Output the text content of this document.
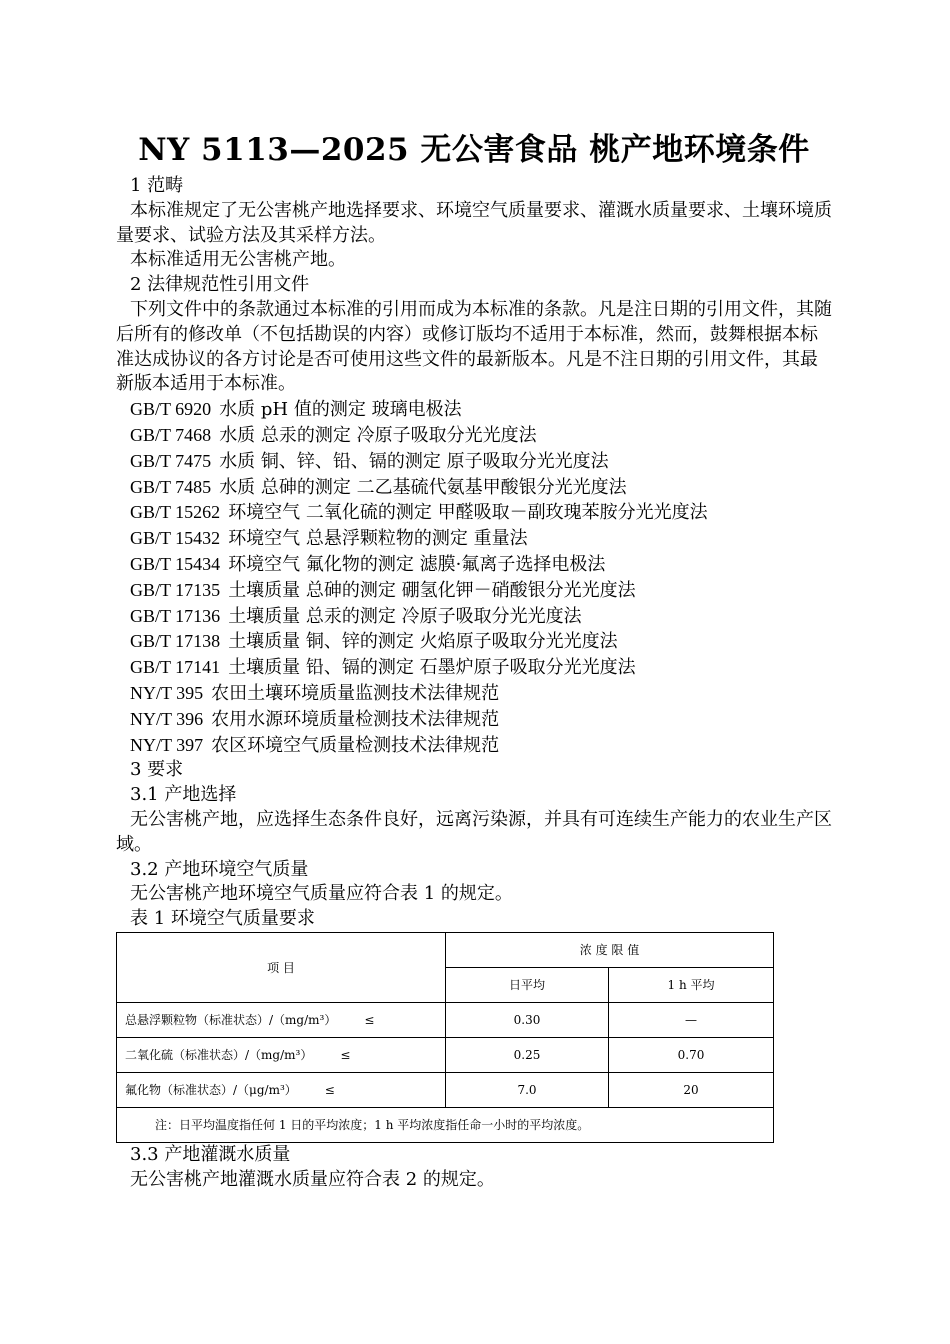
NY 5113—2025 无公害食品 桃产地环境条件
1 范畴
本标准规定了无公害桃产地选择要求、环境空气质量要求、灌溉水质量要求、土壤环境质量要求、试验方法及其采样方法。
本标准适用无公害桃产地。
2 法律规范性引用文件
下列文件中的条款通过本标准的引用而成为本标准的条款。凡是注日期的引用文件，其随后所有的修改单（不包括勘误的内容）或修订版均不适用于本标准，然而，鼓舞根据本标准达成协议的各方讨论是否可使用这些文件的最新版本。凡是不注日期的引用文件，其最新版本适用于本标准。
GB/T 6920 水质 pH 值的测定 玻璃电极法
GB/T 7468 水质 总汞的测定 冷原子吸取分光光度法
GB/T 7475 水质 铜、锌、铅、镉的测定 原子吸取分光光度法
GB/T 7485 水质 总砷的测定 二乙基硫代氨基甲酸银分光光度法
GB/T 15262 环境空气 二氧化硫的测定 甲醛吸取－副玫瑰苯胺分光光度法
GB/T 15432 环境空气 总悬浮颗粒物的测定 重量法
GB/T 15434 环境空气 氟化物的测定 滤膜·氟离子选择电极法
GB/T 17135 土壤质量 总砷的测定 硼氢化钾－硝酸银分光光度法
GB/T 17136 土壤质量 总汞的测定 冷原子吸取分光光度法
GB/T 17138 土壤质量 铜、锌的测定 火焰原子吸取分光光度法
GB/T 17141 土壤质量 铅、镉的测定 石墨炉原子吸取分光光度法
NY/T 395 农田土壤环境质量监测技术法律规范
NY/T 396 农用水源环境质量检测技术法律规范
NY/T 397 农区环境空气质量检测技术法律规范
3 要求
3.1 产地选择
无公害桃产地，应选择生态条件良好，远离污染源，并具有可连续生产能力的农业生产区域。
3.2 产地环境空气质量
无公害桃产地环境空气质量应符合表 1 的规定。
表 1 环境空气质量要求
项 目	浓 度 限 值	
	日平均	1 h 平均
总悬浮颗粒物（标准状态）/（mg/m³） ≤	0.30	—
二氧化硫（标准状态）/（mg/m³） ≤	0.25	0.70
氟化物（标准状态）/（μg/m³） ≤	7.0	20
注：日平均温度指任何 1 日的平均浓度；1 h 平均浓度指任命一小时的平均浓度。		
3.3 产地灌溉水质量
无公害桃产地灌溉水质量应符合表 2 的规定。
